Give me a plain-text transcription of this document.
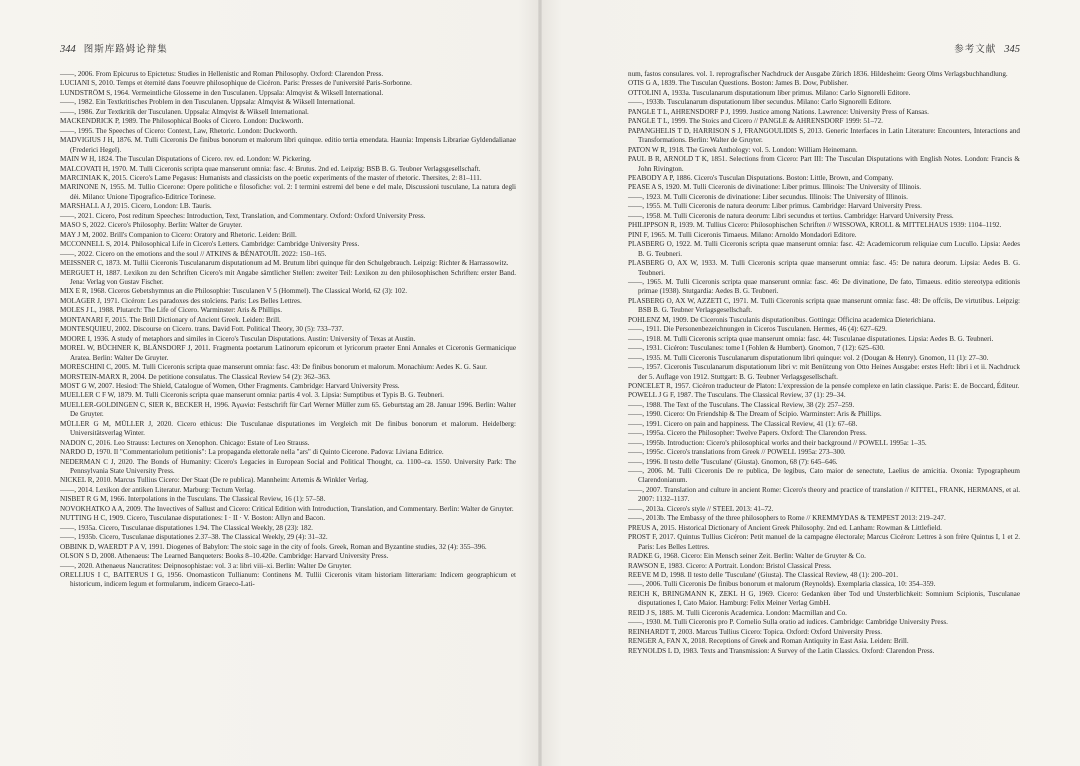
344 图斯库路姆论辩集	参考文献 345
——, 2006. From Epicurus to Epictetus: Studies in Hellenistic and Roman Philosophy. Oxford: Clarendon Press.
LUCIANI S, 2010. Temps et éternité dans l'oeuvre philosophique de Cicéron. Paris: Presses de l'université Paris-Sorbonne.
LUNDSTRÖM S, 1964. Vermeintliche Glosseme in den Tusculanen. Uppsala: Almqvist & Wiksell International.
——, 1982. Ein Textkritisches Problem in den Tusculanen. Uppsala: Almqvist & Wiksell International.
——, 1986. Zur Textkritik der Tusculanen. Uppsala: Almqvist & Wiksell International.
MACKENDRICK P, 1989. The Philosophical Books of Cicero. London: Duckworth.
——, 1995. The Speeches of Cicero: Context, Law, Rhetoric. London: Duckworth.
MADVIGIUS J H, 1876. M. Tulli Ciceronis De finibus bonorum et malorum libri quinque. editio tertia emendata. Haunia: Impensis Librariae Gyldendalianae (Frederici Hegel).
MAIN W H, 1824. The Tusculan Disputations of Cicero. rev. ed. London: W. Pickering.
MALCOVATI H, 1970. M. Tulli Ciceronis scripta quae manserunt omnia: fasc. 4: Brutus. 2nd ed. Leipzig: BSB B. G. Teubner Verlagsgesellschaft.
MARCINIAK K, 2015. Cicero's Lame Pegasus: Humanists and classicists on the poetic experiments of the master of rhetoric. Thersites, 2: 81–111.
MARINONE N, 1955. M. Tullio Cicerone: Opere politiche e filosofiche: vol. 2: I termini estremi del bene e del male, Discussioni tusculane, La natura degli dèi. Milano: Unione Tipografico-Editrice Torinese.
MARSHALL A J, 2015. Cicero, London: I.B. Tauris.
——, 2021. Cicero, Post reditum Speeches: Introduction, Text, Translation, and Commentary. Oxford: Oxford University Press.
MASO S, 2022. Cicero's Philosophy. Berlin: Walter de Gruyter.
MAY J M, 2002. Brill's Companion to Cicero: Oratory and Rhetoric. Leiden: Brill.
MCCONNELL S, 2014. Philosophical Life in Cicero's Letters. Cambridge: Cambridge University Press.
——, 2022. Cicero on the emotions and the soul // ATKINS & BÉNATOUÏL 2022: 150–165.
MEISSNER C, 1873. M. Tullii Ciceronis Tusculanarum disputationum ad M. Brutum libri quinque für den Schulgebrauch. Leipzig: Richter & Harrassowitz.
MERGUET H, 1887. Lexikon zu den Schriften Cicero's mit Angabe sämtlicher Stellen: zweiter Teil: Lexikon zu den philosophischen Schriften: erster Band. Jena: Verlag von Gustav Fischer.
MIX E R, 1968. Ciceros Gebetshymnus an die Philosophie: Tusculanen V 5 (Hommel). The Classical World, 62 (3): 102.
MOLAGER J, 1971. Cicéron: Les paradoxes des stoïciens. Paris: Les Belles Lettres.
MOLES J L, 1988. Plutarch: The Life of Cicero. Warminster: Aris & Phillips.
MONTANARI F, 2015. The Brill Dictionary of Ancient Greek. Leiden: Brill.
MONTESQUIEU, 2002. Discourse on Cicero. trans. David Fott. Political Theory, 30 (5): 733–737.
MOORE I, 1936. A study of metaphors and similes in Cicero's Tusculan Disputations. Austin: University of Texas at Austin.
MOREL W, BÜCHNER K, BLÄNSDORF J, 2011. Fragmenta poetarum Latinorum epicorum et lyricorum praeter Enni Annales et Ciceronis Germanicique Aratea. Berlin: Walter De Gruyter.
MORESCHINI C, 2005. M. Tulli Ciceronis scripta quae manserunt omnia: fasc. 43: De finibus bonorum et malorum. Monachium: Aedes K. G. Saur.
MORSTEIN-MARX R, 2004. De petitione consulatus. The Classical Review 54 (2): 362–363.
MOST G W, 2007. Hesiod: The Shield, Catalogue of Women, Other Fragments. Cambridge: Harvard University Press.
MUELLER C F W, 1879. M. Tulli Ciceronis scripta quae manserunt omnia: partis 4 vol. 3. Lipsia: Sumptibus et Typis B. G. Teubneri.
MUELLER-GOLDINGEN C, SIER K, BECKER H, 1996. Ἀγωνία: Festschrift für Carl Werner Müller zum 65. Geburtstag am 28. Januar 1996. Berlin: Walter De Gruyter.
MÜLLER G M, MÜLLER J, 2020. Cicero ethicus: Die Tusculanae disputationes im Vergleich mit De finibus bonorum et malorum. Heidelberg: Universitätsverlag Winter.
NADON C, 2016. Leo Strauss: Lectures on Xenophon. Chicago: Estate of Leo Strauss.
NARDO D, 1970. Il "Commentariolum petitionis": La propaganda elettorale nella "ars" di Quinto Cicerone. Padova: Liviana Editrice.
NEDERMAN C J, 2020. The Bonds of Humanity: Cicero's Legacies in European Social and Political Thought, ca. 1100–ca. 1550. University Park: The Pennsylvania State University Press.
NICKEL R, 2010. Marcus Tullius Cicero: Der Staat (De re publica). Mannheim: Artemis & Winkler Verlag.
——, 2014. Lexikon der antiken Literatur. Marburg: Tectum Verlag.
NISBET R G M, 1966. Interpolations in the Tusculans. The Classical Review, 16 (1): 57–58.
NOVOKHATKO A A, 2009. The Invectives of Sallust and Cicero: Critical Edition with Introduction, Translation, and Commentary. Berlin: Walter de Gruyter.
NUTTING H C, 1909. Cicero, Tusculanae disputationes: I · II · V. Boston: Allyn and Bacon.
——, 1935a. Cicero, Tusculanae disputationes 1.94. The Classical Weekly, 28 (23): 182.
——, 1935b. Cicero, Tusculanae disputationes 2.37–38. The Classical Weekly, 29 (4): 31–32.
OBBINK D, WAERDT P A V, 1991. Diogenes of Babylon: The stoic sage in the city of fools. Greek, Roman and Byzantine studies, 32 (4): 355–396.
OLSON S D, 2008. Athenaeus: The Learned Banqueters: Books 8–10.420e. Cambridge: Harvard University Press.
——, 2020. Athenaeus Naucratites: Deipnosophistae: vol. 3 a: libri viii–xi. Berlin: Walter De Gruyter.
ORELLIUS I C, BAITERUS I G, 1956. Onomasticon Tullianum: Continens M. Tullii Ciceronis vitam historiam litterariam: Indicem geographicum et historicum, indicem legum et formularum, indicem Graeco-Lati-
num, fastos consulares. vol. 1. reprografischer Nachdruck der Ausgabe Zürich 1836. Hildesheim: Georg Olms Verlagsbuchhandlung.
OTIS G A, 1839. The Tusculan Questions. Boston: James B. Dow, Publisher.
OTTOLINI A, 1933a. Tusculanarum disputationum liber primus. Milano: Carlo Signorelli Editore.
——, 1933b. Tusculanarum disputationum liber secundus. Milano: Carlo Signorelli Editore.
PANGLE T L, AHRENSDORF P J, 1999. Justice among Nations. Lawrence: University Press of Kansas.
PANGLE T L, 1999. The Stoics and Cicero // PANGLE & AHRENSDORF 1999: 51–72.
PAPANGHELIS T D, HARRISON S J, FRANGOULIDIS S, 2013. Generic Interfaces in Latin Literature: Encounters, Interactions and Transformations. Berlin: Walter de Gruyter.
PATON W R, 1918. The Greek Anthology: vol. 5. London: William Heinemann.
PAUL B R, ARNOLD T K, 1851. Selections from Cicero: Part III: The Tusculan Disputations with English Notes. London: Francis & John Rivington.
PEABODY A P, 1886. Cicero's Tusculan Disputations. Boston: Little, Brown, and Company.
PEASE A S, 1920. M. Tulli Ciceronis de divinatione: Liber primus. Illinois: The University of Illinois.
——, 1923. M. Tulli Ciceronis de divinatione: Liber secundus. Illinois: The University of Illinois.
——, 1955. M. Tulli Ciceronis de natura deorum: Liber primus. Cambridge: Harvard University Press.
——, 1958. M. Tulli Ciceronis de natura deorum: Libri secundus et tertius. Cambridge: Harvard University Press.
PHILIPPSON R, 1939. M. Tullius Cicero: Philosophischen Schriften // WISSOWA, KROLL & MITTELHAUS 1939: 1104–1192.
PINI F, 1965. M. Tulli Ciceronis Timaeus. Milano: Arnoldo Mondadori Editore.
PLASBERG O, 1922. M. Tulli Ciceronis scripta quae manserunt omnia: fasc. 42: Academicorum reliquiae cum Lucullo. Lipsia: Aedes B. G. Teubneri.
PLASBERG O, AX W, 1933. M. Tulli Ciceronis scripta quae manserunt omnia: fasc. 45: De natura deorum. Lipsia: Aedes B. G. Teubneri.
——, 1965. M. Tulli Ciceronis scripta quae manserunt omnia: fasc. 46: De divinatione, De fato, Timaeus. editio stereotypa editionis primae (1938). Stutgardia: Aedes B. G. Teubneri.
PLASBERG O, AX W, AZZETI C, 1971. M. Tulli Ciceronis scripta quae manserunt omnia: fasc. 48: De offciis, De virtutibus. Leipzig: BSB B. G. Teubner Verlagsgesellschaft.
POHLENZ M, 1909. De Ciceronis Tusculanis disputationibus. Gottinga: Officina academica Dieterichiana.
——, 1911. Die Personenbezeichnungen in Ciceros Tusculanen. Hermes, 46 (4): 627–629.
——, 1918. M. Tulli Ciceronis scripta quae manserunt omnia: fasc. 44: Tusculanae disputationes. Lipsia: Aedes B. G. Teubneri.
——, 1931. Cicéron: Tusculanes: tome I (Fohlen & Humbert). Gnomon, 7 (12): 625–630.
——, 1935. M. Tulli Ciceronis Tusculanarum disputationum libri quinque: vol. 2 (Dougan & Henry). Gnomon, 11 (1): 27–30.
——, 1957. Ciceronis Tusculanarum disputationum libri v: mit Benützung von Otto Heines Ausgabe: erstes Heft: libri i et ii. Nachdruck der 5. Auflage von 1912. Stuttgart: B. G. Teubner Verlagsgesellschaft.
PONCELET R, 1957. Cicéron traducteur de Platon: L'expression de la pensée complexe en latin classique. Paris: E. de Boccard, Éditeur.
POWELL J G F, 1987. The Tusculans. The Classical Review, 37 (1): 29–34.
——, 1988. The Text of the Tusculans. The Classical Review, 38 (2): 257–259.
——, 1990. Cicero: On Friendship & The Dream of Scipio. Warminster: Aris & Phillips.
——, 1991. Cicero on pain and happiness. The Classical Review, 41 (1): 67–68.
——, 1995a. Cicero the Philosopher: Twelve Papers. Oxford: The Clarendon Press.
——, 1995b. Introduction: Cicero's philosophical works and their background // POWELL 1995a: 1–35.
——, 1995c. Cicero's translations from Greek // POWELL 1995a: 273–300.
——, 1996. Il testo delle 'Tusculane' (Giusta). Gnomon, 68 (7): 645–646.
——, 2006. M. Tulli Ciceronis De re publica, De legibus, Cato maior de senectute, Laelius de amicitia. Oxonia: Typographeum Clarendonianum.
——, 2007. Translation and culture in ancient Rome: Cicero's theory and practice of translation // KITTEL, FRANK, HERMANS, et al. 2007: 1132–1137.
——, 2013a. Cicero's style // STEEL 2013: 41–72.
——, 2013b. The Embassy of the three philosophers to Rome // KREMMYDAS & TEMPEST 2013: 219–247.
PREUS A, 2015. Historical Dictionary of Ancient Greek Philosophy. 2nd ed. Lanham: Rowman & Littlefield.
PROST F, 2017. Quintus Tullius Cicéron: Petit manuel de la campagne électorale; Marcus Cicéron: Lettres à son frère Quintus I, 1 et 2. Paris: Les Belles Lettres.
RADKE G, 1968. Cicero: Ein Mensch seiner Zeit. Berlin: Walter de Gruyter & Co.
RAWSON E, 1983. Cicero: A Portrait. London: Bristol Classical Press.
REEVE M D, 1998. Il testo delle 'Tusculane' (Giusta). The Classical Review, 48 (1): 200–201.
——, 2006. Tulli Ciceronis De finibus bonorum et malorum (Reynolds). Exemplaria classica, 10: 354–359.
REICH K, BRINGMANN K, ZEKL H G, 1969. Cicero: Gedanken über Tod und Unsterblichkeit: Somnium Scipionis, Tusculanae disputationes I, Cato Maior. Hamburg: Felix Meiner Verlag GmbH.
REID J S, 1885. M. Tulli Ciceronis Academica. London: Macmillan and Co.
——, 1930. M. Tulli Ciceronis pro P. Cornelio Sulla oratio ad iudices. Cambridge: Cambridge University Press.
REINHARDT T, 2003. Marcus Tullius Cicero: Topica. Oxford: Oxford University Press.
RENGER A, FAN X, 2018. Receptions of Greek and Roman Antiquity in East Asia. Leiden: Brill.
REYNOLDS L D, 1983. Texts and Transmission: A Survey of the Latin Classics. Oxford: Clarendon Press.
